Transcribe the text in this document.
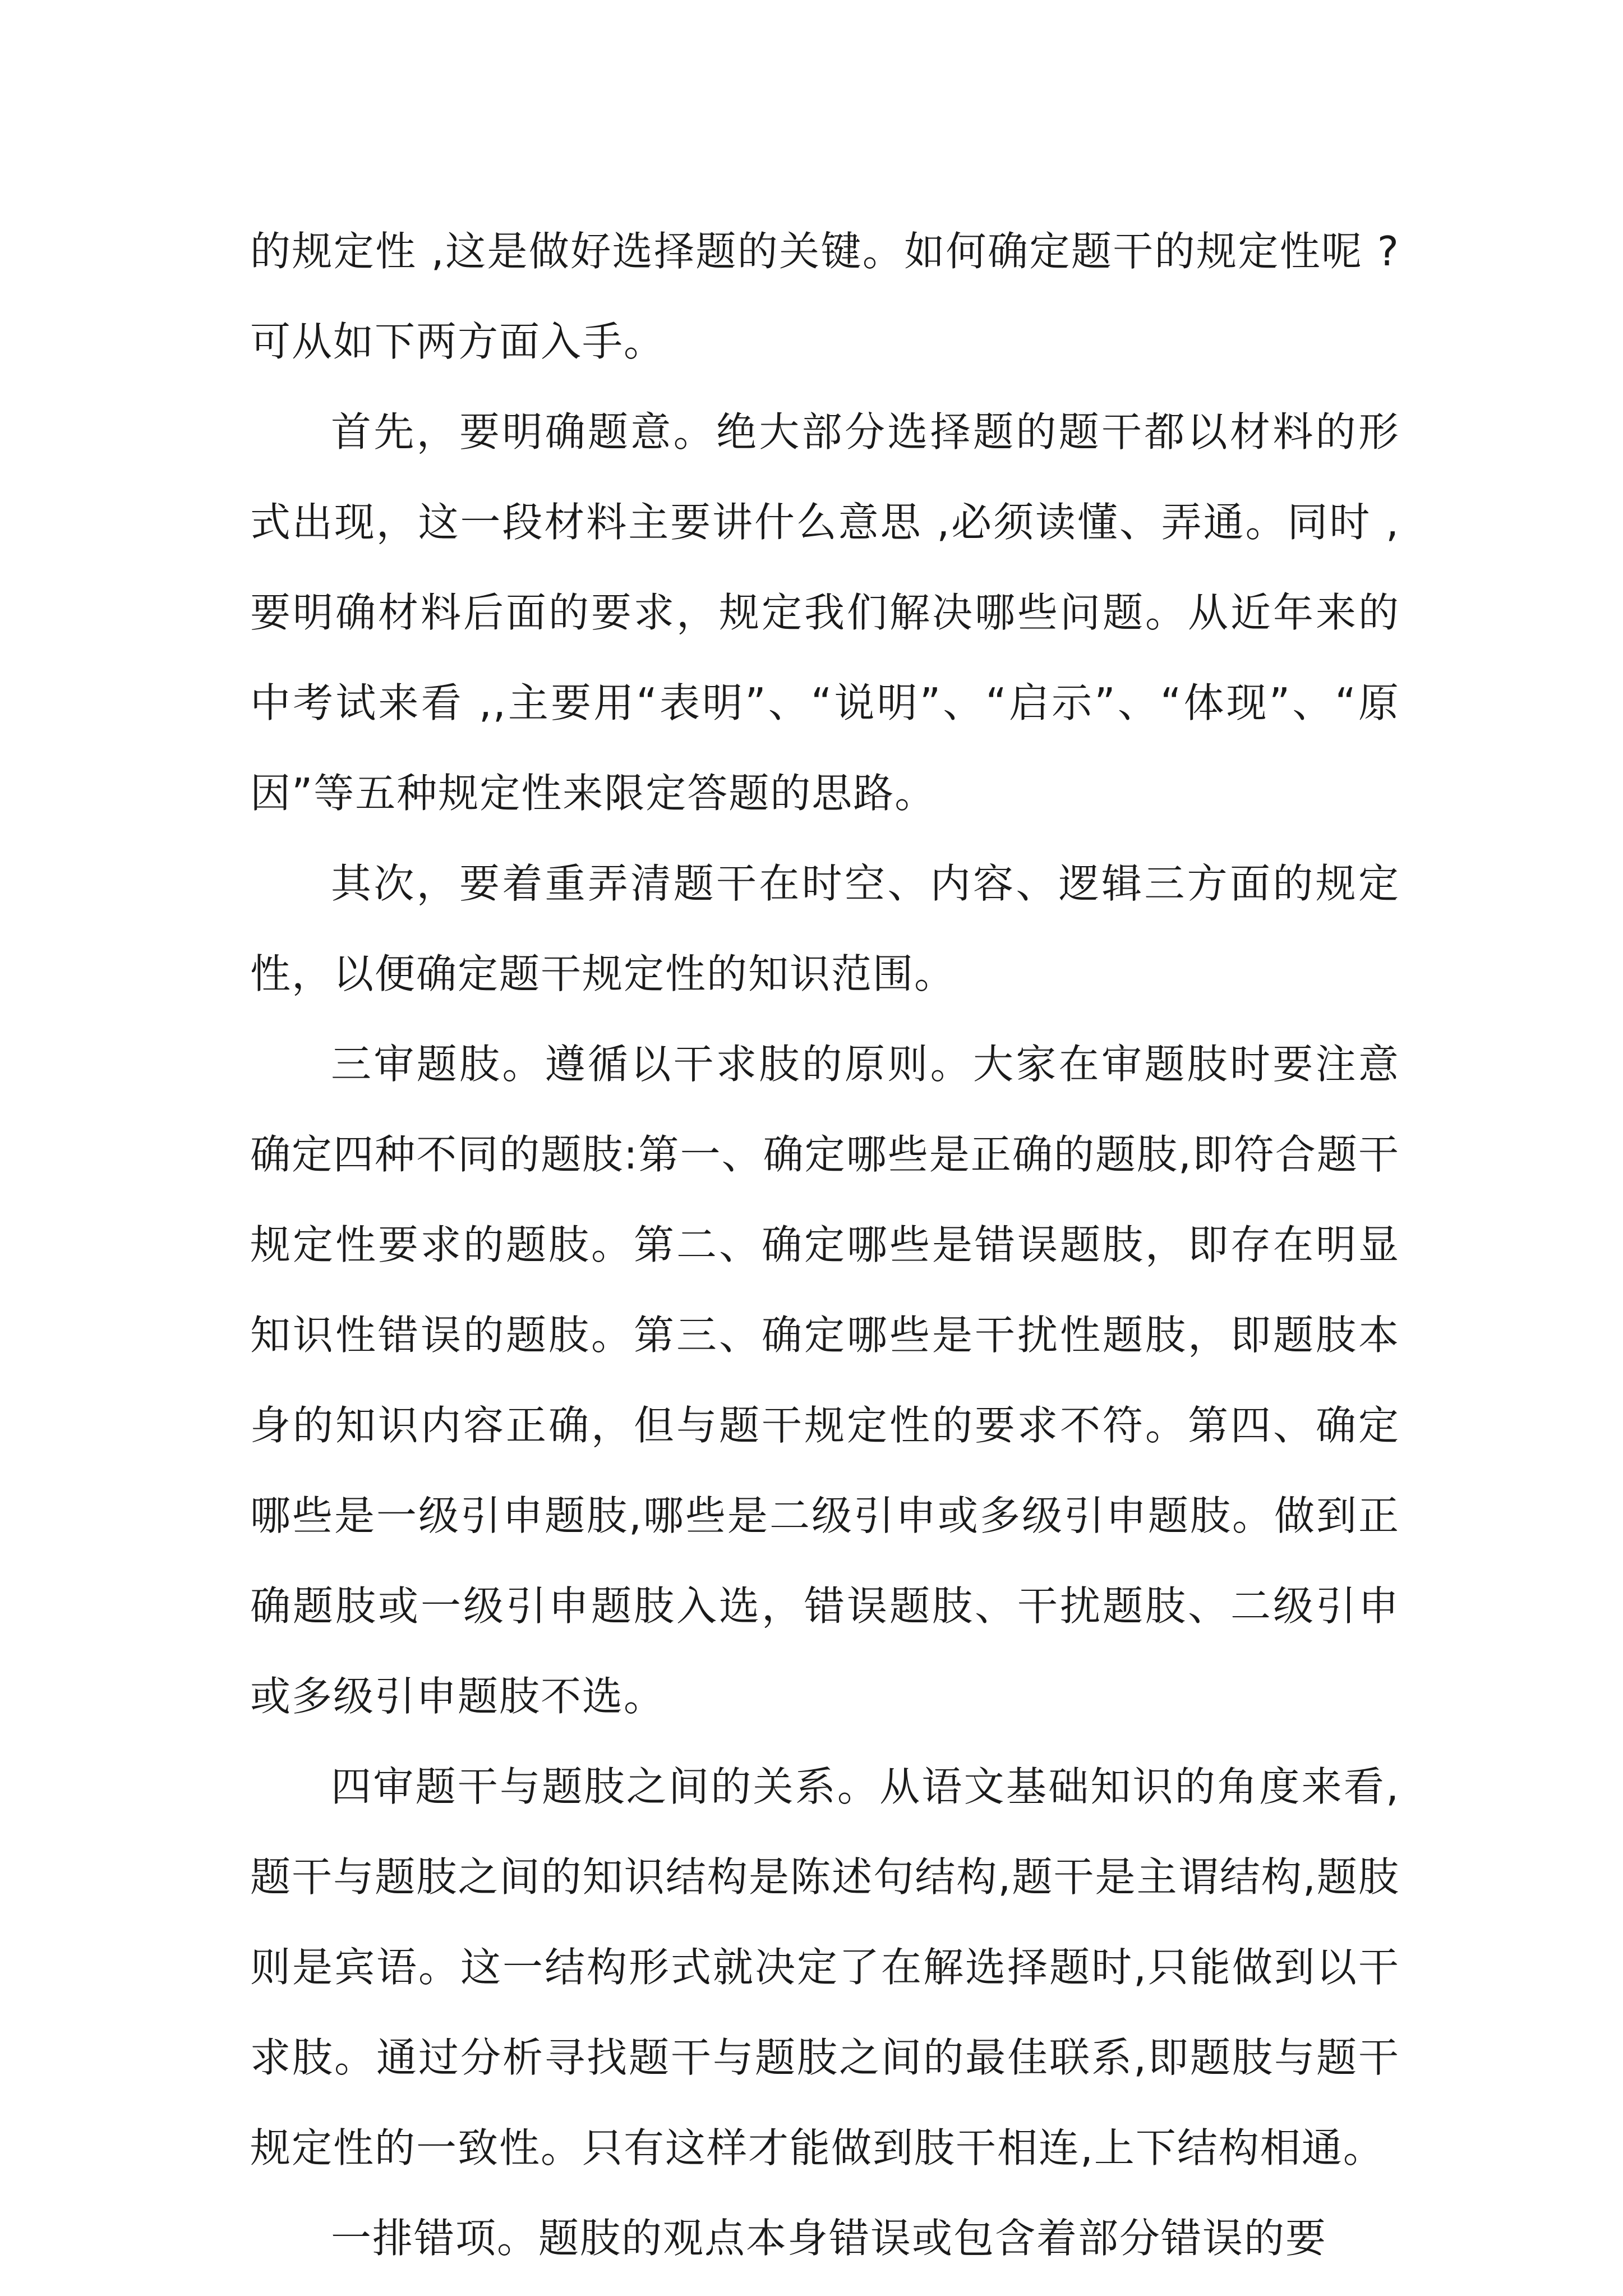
的规定性 ,这是做好选择题的关键。如何确定题干的规定性呢 ?可从如下两方面入手。

首先，要明确题意。绝大部分选择题的题干都以材料的形式出现，这一段材料主要讲什么意思 ,必须读懂、弄通。同时 ,要明确材料后面的要求，规定我们解决哪些问题。从近年来的中考试来看 ,,主要用“表明”、“说明”、“启示”、“体现”、“原因”等五种规定性来限定答题的思路。

其次，要着重弄清题干在时空、内容、逻辑三方面的规定性，以便确定题干规定性的知识范围。

三审题肢。遵循以干求肢的原则。大家在审题肢时要注意确定四种不同的题肢:第一、确定哪些是正确的题肢,即符合题干规定性要求的题肢。第二、确定哪些是错误题肢，即存在明显知识性错误的题肢。第三、确定哪些是干扰性题肢，即题肢本身的知识内容正确，但与题干规定性的要求不符。第四、确定哪些是一级引申题肢,哪些是二级引申或多级引申题肢。做到正确题肢或一级引申题肢入选，错误题肢、干扰题肢、二级引申或多级引申题肢不选。

四审题干与题肢之间的关系。从语文基础知识的角度来看,题干与题肢之间的知识结构是陈述句结构,题干是主谓结构,题肢则是宾语。这一结构形式就决定了在解选择题时,只能做到以干求肢。通过分析寻找题干与题肢之间的最佳联系,即题肢与题干规定性的一致性。只有这样才能做到肢干相连,上下结构相通。

一排错项。题肢的观点本身错误或包含着部分错误的要
